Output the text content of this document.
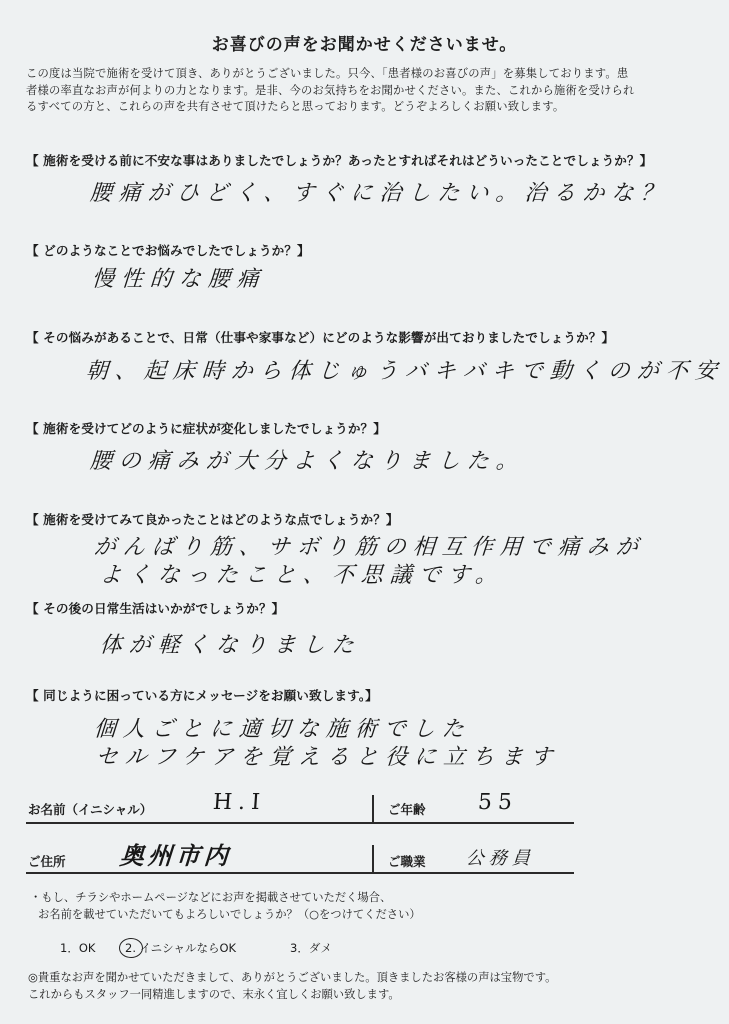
お喜びの声をお聞かせくださいませ。
この度は当院で施術を受けて頂き、ありがとうございました。只今、「患者様のお喜びの声」を募集しております。患
者様の率直なお声が何よりの力となります。是非、今のお気持ちをお聞かせください。また、これから施術を受けられ
るすべての方と、これらの声を共有させて頂けたらと思っております。どうぞよろしくお願い致します。
【 施術を受ける前に不安な事はありましたでしょうか？あったとすればそれはどういったことでしょうか？】
腰痛がひどく、すぐに治したい。治るかな？
【 どのようなことでお悩みでしたでしょうか？】
慢性的な腰痛
【 その悩みがあることで、日常（仕事や家事など）にどのような影響が出ておりましたでしょうか？】
朝、起床時から体じゅうバキバキで動くのが不安
【 施術を受けてどのように症状が変化しましたでしょうか？】
腰の痛みが大分よくなりました。
【 施術を受けてみて良かったことはどのような点でしょうか？】
がんばり筋、サボり筋の相互作用で痛みが
よくなったこと、不思議です。
【 その後の日常生活はいかがでしょうか？】
体が軽くなりました
【 同じように困っている方にメッセージをお願い致します。】
個人ごとに適切な施術でした
セルフケアを覚えると役に立ちます
お名前（イニシャル）	H.I	ご年齢 55
ご住所 奥州市内	ご職業 公務員
・もし、チラシやホームページなどにお声を掲載させていただく場合、
お名前を載せていただいてもよろしいでしょうか？（○をつけてください）
1．OK	2. イニシャルならOK	3．ダメ
◎貴重なお声を聞かせていただきまして、ありがとうございました。頂きましたお客様の声は宝物です。
これからもスタッフ一同精進しますので、末永く宜しくお願い致します。
